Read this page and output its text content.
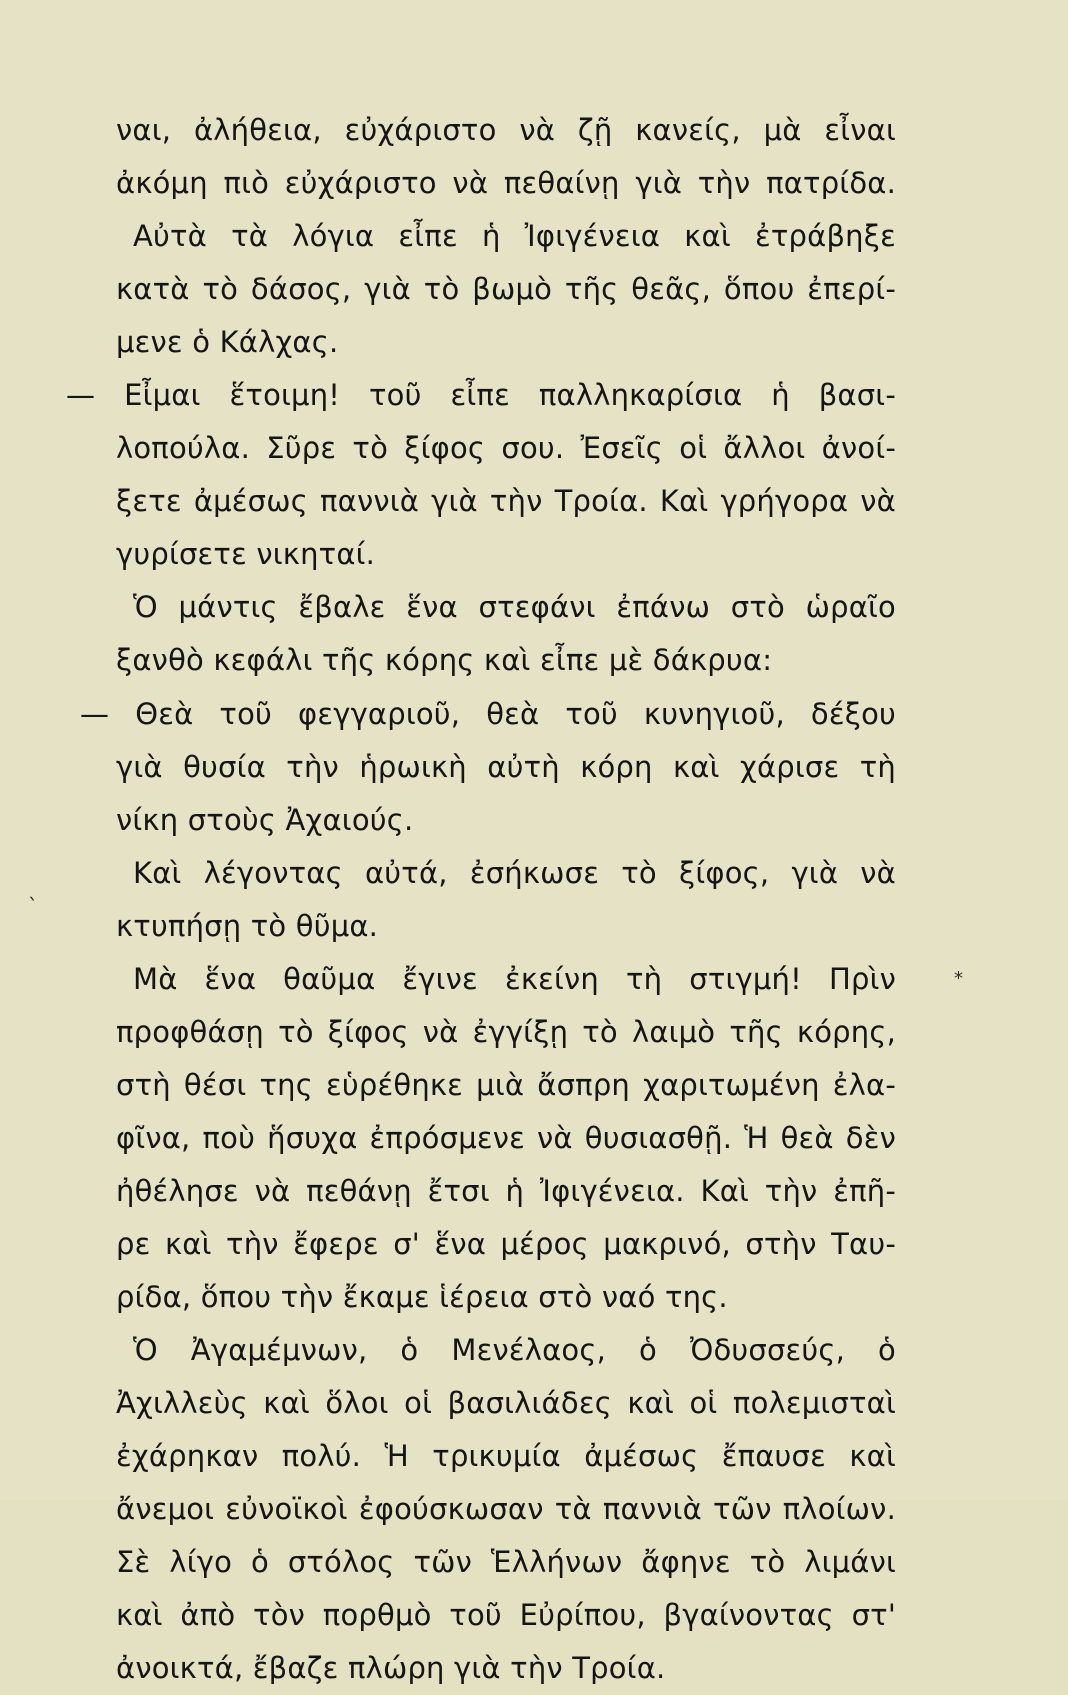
`
*
ναι, ἀλήθεια, εὐχάριστο νὰ ζῇ κανείς, μὰ εἶναι
ἀκόμη πιὸ εὐχάριστο νὰ πεθαίνῃ γιὰ τὴν πατρίδα.
Αὐτὰ τὰ λόγια εἶπε ἡ Ἰφιγένεια καὶ ἐτράβηξε
κατὰ τὸ δάσος, γιὰ τὸ βωμὸ τῆς θεᾶς, ὅπου ἐπερί-
μενε ὁ Κάλχας.
— Εἶμαι ἕτοιμη! τοῦ εἶπε παλληκαρίσια ἡ βασι-
λοπούλα. Σῦρε τὸ ξίφος σου. Ἐσεῖς οἱ ἄλλοι ἀνοί-
ξετε ἀμέσως παννιὰ γιὰ τὴν Τροία. Καὶ γρήγορα νὰ
γυρίσετε νικηταί.
Ὁ μάντις ἔβαλε ἕνα στεφάνι ἐπάνω στὸ ὡραῖο
ξανθὸ κεφάλι τῆς κόρης καὶ εἶπε μὲ δάκρυα:
— Θεὰ τοῦ φεγγαριοῦ, θεὰ τοῦ κυνηγιοῦ, δέξου
γιὰ θυσία τὴν ἡρωικὴ αὐτὴ κόρη καὶ χάρισε τὴ
νίκη στοὺς Ἀχαιούς.
Καὶ λέγοντας αὐτά, ἐσήκωσε τὸ ξίφος, γιὰ νὰ
κτυπήσῃ τὸ θῦμα.
Μὰ ἕνα θαῦμα ἔγινε ἐκείνη τὴ στιγμή! Πρὶν
προφθάσῃ τὸ ξίφος νὰ ἐγγίξῃ τὸ λαιμὸ τῆς κόρης,
στὴ θέσι της εὑρέθηκε μιὰ ἄσπρη χαριτωμένη ἐλα-
φῖνα, ποὺ ἥσυχα ἐπρόσμενε νὰ θυσιασθῇ. Ἡ θεὰ δὲν
ἠθέλησε νὰ πεθάνῃ ἔτσι ἡ Ἰφιγένεια. Καὶ τὴν ἐπῆ-
ρε καὶ τὴν ἔφερε σ' ἕνα μέρος μακρινό, στὴν Ταυ-
ρίδα, ὅπου τὴν ἔκαμε ἱέρεια στὸ ναό της.
Ὁ Ἀγαμέμνων, ὁ Μενέλαος, ὁ Ὀδυσσεύς, ὁ
Ἀχιλλεὺς καὶ ὅλοι οἱ βασιλιάδες καὶ οἱ πολεμισταὶ
ἐχάρηκαν πολύ. Ἡ τρικυμία ἀμέσως ἔπαυσε καὶ
ἄνεμοι εὐνοϊκοὶ ἐφούσκωσαν τὰ παννιὰ τῶν πλοίων.
Σὲ λίγο ὁ στόλος τῶν Ἑλλήνων ἄφηνε τὸ λιμάνι
καὶ ἀπὸ τὸν πορθμὸ τοῦ Εὐρίπου, βγαίνοντας στ'
ἀνοικτά, ἔβαζε πλώρη γιὰ τὴν Τροία.
